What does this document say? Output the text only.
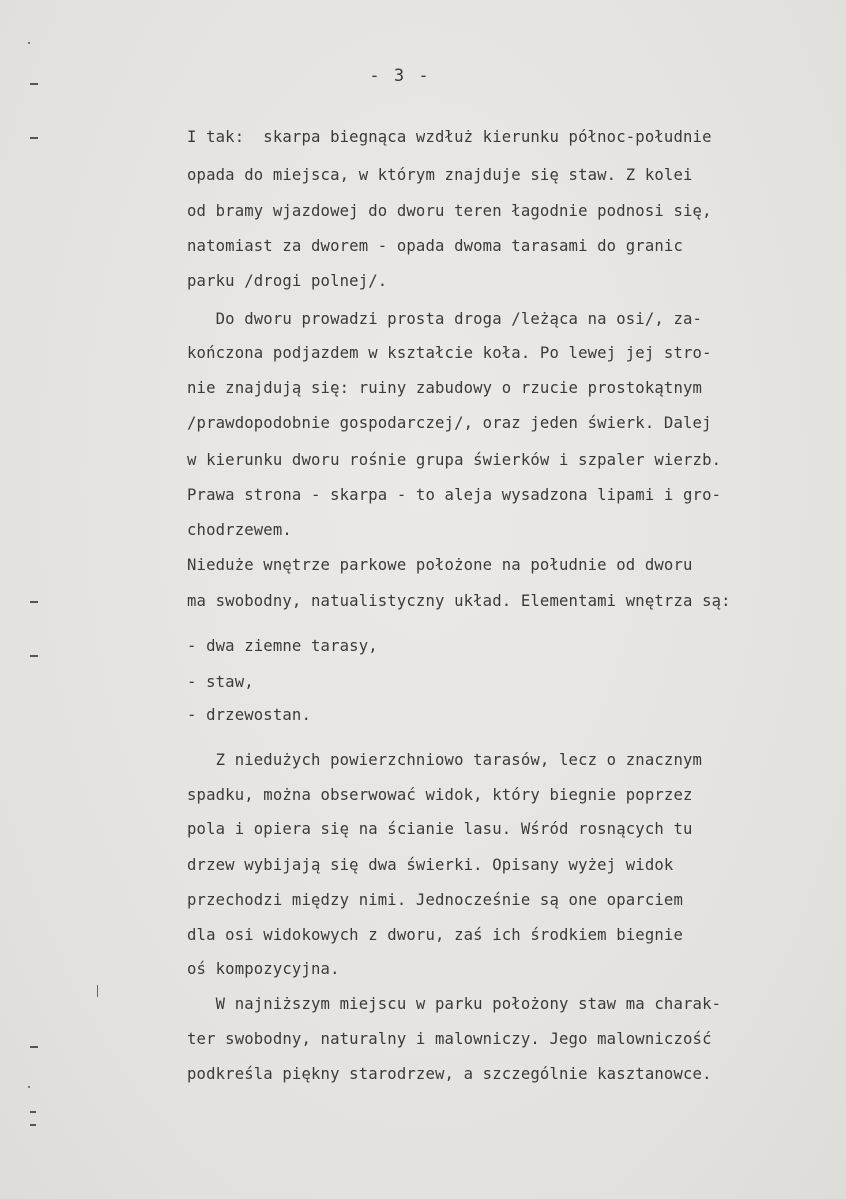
- 3 -
I tak:  skarpa biegnąca wzdłuż kierunku północ-południe
opada do miejsca, w którym znajduje się staw. Z kolei
od bramy wjazdowej do dworu teren łagodnie podnosi się,
natomiast za dworem - opada dwoma tarasami do granic
parku /drogi polnej/.
Do dworu prowadzi prosta droga /leżąca na osi/, za-
kończona podjazdem w kształcie koła. Po lewej jej stro-
nie znajdują się: ruiny zabudowy o rzucie prostokątnym
/prawdopodobnie gospodarczej/, oraz jeden świerk. Dalej
w kierunku dworu rośnie grupa świerków i szpaler wierzb.
Prawa strona - skarpa - to aleja wysadzona lipami i gro-
chodrzewem.
Nieduże wnętrze parkowe położone na południe od dworu
ma swobodny, natualistyczny układ. Elementami wnętrza są:
- dwa ziemne tarasy,
- staw,
- drzewostan.
Z niedużych powierzchniowo tarasów, lecz o znacznym
spadku, można obserwować widok, który biegnie poprzez
pola i opiera się na ścianie lasu. Wśród rosnących tu
drzew wybijają się dwa świerki. Opisany wyżej widok
przechodzi między nimi. Jednocześnie są one oparciem
dla osi widokowych z dworu, zaś ich środkiem biegnie
oś kompozycyjna.
W najniższym miejscu w parku położony staw ma charak-
ter swobodny, naturalny i malowniczy. Jego malowniczość
podkreśla piękny starodrzew, a szczególnie kasztanowce.
